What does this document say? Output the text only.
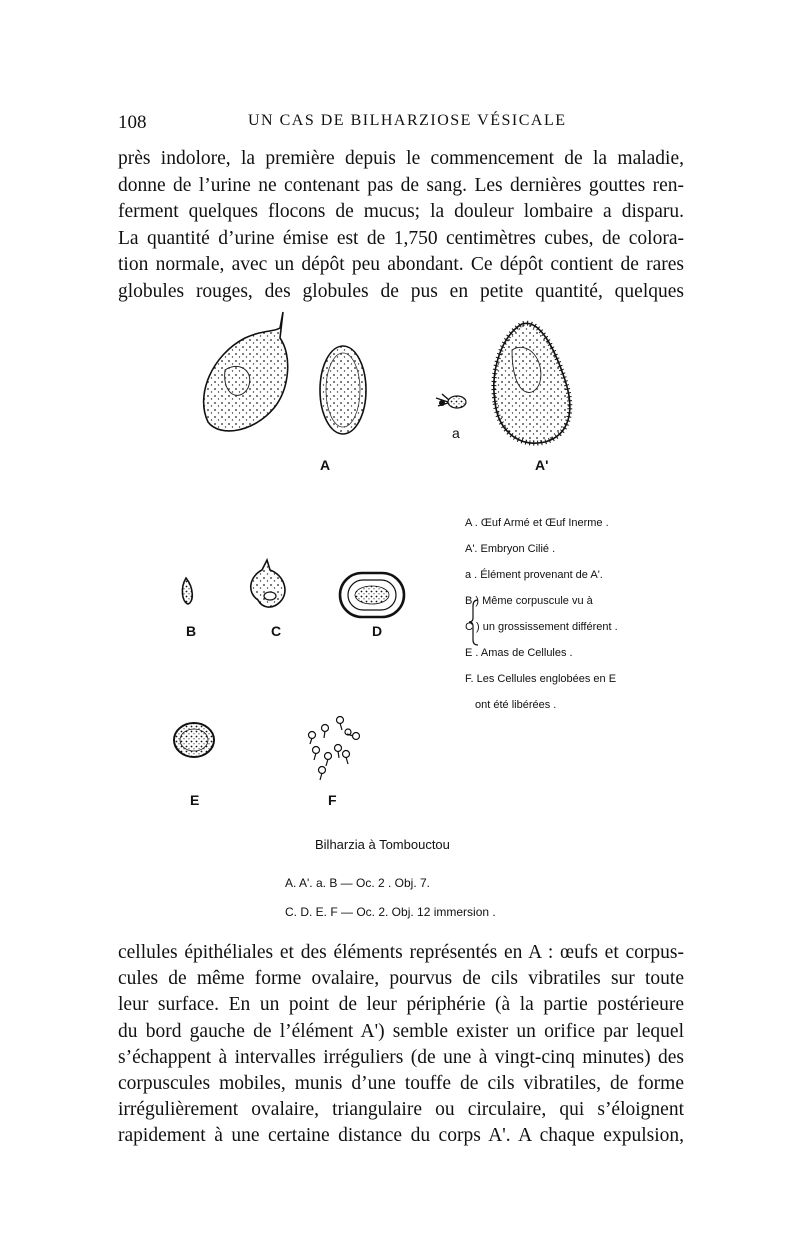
108	UN CAS DE BILHARZIOSE VÉSICALE
près indolore, la première depuis le commencement de la maladie,
donne de l’urine ne contenant pas de sang. Les dernières gouttes ren-
ferment quelques flocons de mucus; la douleur lombaire a disparu.
La quantité d’urine émise est de 1,750 centimètres cubes, de colora-
tion normale, avec un dépôt peu abondant. Ce dépôt contient de rares
globules rouges, des globules de pus en petite quantité, quelques
A
a
A'
B	C	D
E	F
A . Œuf Armé et Œuf Inerme .
A'. Embryon Cilié .
a . Élément provenant de A'.
B ) Même corpuscule vu à
C ) un grossissement différent .
E . Amas de Cellules .
F. Les Cellules englobées en E
ont été libérées .
Bilharzia à Tombouctou
A. A'. a. B — Oc. 2 . Obj. 7.
C. D. E. F — Oc. 2. Obj. 12 immersion .
cellules épithéliales et des éléments représentés en A : œufs et corpus-
cules de même forme ovalaire, pourvus de cils vibratiles sur toute
leur surface. En un point de leur périphérie (à la partie postérieure
du bord gauche de l’élément A') semble exister un orifice par lequel
s’échappent à intervalles irréguliers (de une à vingt-cinq minutes) des
corpuscules mobiles, munis d’une touffe de cils vibratiles, de forme
irrégulièrement ovalaire, triangulaire ou circulaire, qui s’éloignent
rapidement à une certaine distance du corps A'. A chaque expulsion,
